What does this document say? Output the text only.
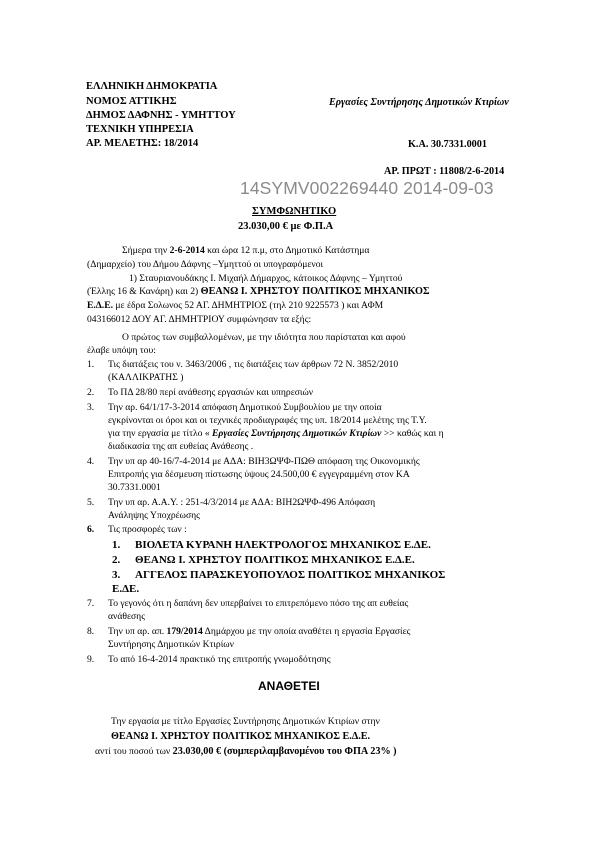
ΕΛΛΗΝΙΚΗ ΔΗΜΟΚΡΑΤΙΑ
ΝΟΜΟΣ ΑΤΤΙΚΗΣ
ΔΗΜΟΣ ΔΑΦΝΗΣ - ΥΜΗΤΤΟΥ
ΤΕΧΝΙΚΗ ΥΠΗΡΕΣΙΑ
ΑΡ. ΜΕΛΕΤΗΣ: 18/2014
Εργασίες Συντήρησης Δημοτικών Κτιρίων
Κ.Α. 30.7331.0001
ΑΡ. ΠΡΩΤ : 11808/2-6-2014
14SYMV002269440 2014-09-03
ΣΥΜΦΩΝΗΤΙΚΟ
23.030,00 € με Φ.Π.Α
Σήμερα την 2-6-2014 και ώρα 12 π.μ, στο Δημοτικό Κατάστημα
(Δημαρχείο) του Δήμου Δάφνης –Υμηττού οι υπογραφόμενοι
1) Σταυριανουδάκης Ι. Μιχαήλ Δήμαρχος, κάτοικος Δάφνης – Υμηττού
(Έλλης 16 & Κανάρη) και 2) ΘΕΑΝΩ Ι. ΧΡΗΣΤΟΥ ΠΟΛΙΤΙΚΟΣ ΜΗΧΑΝΙΚΟΣ
Ε.Δ.Ε. με έδρα Σολωνος 52 ΑΓ. ΔΗΜΗΤΡΙΟΣ (τηλ 210 9225573 ) και ΑΦΜ
043166012 ΔΟΥ ΑΓ. ΔΗΜΗΤΡΙΟΥ συμφώνησαν τα εξής:
Ο πρώτος των συμβαλλομένων, με την ιδιότητα που παρίσταται και αφού
έλαβε υπόψη του:
1. Τις διατάξεις του ν. 3463/2006 , τις διατάξεις των άρθρων 72 Ν. 3852/2010
(ΚΑΛΛΙΚΡΑΤΗΣ )
2. Το ΠΔ 28/80 περί ανάθεσης εργασιών και υπηρεσιών
3. Την αρ. 64/1/17-3-2014 απόφαση Δημοτικού Συμβουλίου με την οποία
εγκρίνονται οι όροι και οι τεχνικές προδιαγραφές της υπ. 18/2014 μελέτης της Τ.Υ.
για την εργασία με τίτλο « Εργασίες Συντήρησης Δημοτικών Κτιρίων >> καθώς και η
διαδικασία της απ ευθείας Ανάθεσης .
4. Την υπ αρ 40-16/7-4-2014 με ΑΔΑ: ΒΙΗ3ΩΨΦ-ΠΩΘ απόφαση της Οικονομικής
Επιτροπής για δέσμευση πίστωσης ύψους 24.500,00 € εγγεγραμμένη στον ΚΑ
30.7331.0001
5. Την υπ αρ. Α.Α.Υ. : 251-4/3/2014 με ΑΔΑ: ΒΙΗ2ΩΨΦ-496 Απόφαση
Ανάληψης Υποχρέωσης
6. Τις προσφορές των :
1. ΒΙΟΛΕΤΑ ΚΥΡΑΝΗ ΗΛΕΚΤΡΟΛΟΓΟΣ ΜΗΧΑΝΙΚΟΣ Ε.ΔΕ.
2. ΘΕΑΝΩ Ι. ΧΡΗΣΤΟΥ ΠΟΛΙΤΙΚΟΣ ΜΗΧΑΝΙΚΟΣ Ε.Δ.Ε.
3. ΑΓΓΕΛΟΣ ΠΑΡΑΣΚΕΥΟΠΟΥΛΟΣ ΠΟΛΙΤΙΚΟΣ ΜΗΧΑΝΙΚΟΣ
Ε.ΔΕ.
7. Το γεγονός ότι η δαπάνη δεν υπερβαίνει το επιτρεπόμενο πόσο της απ ευθείας
ανάθεσης
8. Την υπ αρ. απ. 179/2014 Δημάρχου με την οποία αναθέτει η εργασία Εργασίες
Συντήρησης Δημοτικών Κτιρίων
9. Το από 16-4-2014 πρακτικό της επιτροπής γνωμοδότησης
ΑΝΑΘΕΤΕΙ
Την εργασία με τίτλο Εργασίες Συντήρησης Δημοτικών Κτιρίων στην
ΘΕΑΝΩ Ι. ΧΡΗΣΤΟΥ ΠΟΛΙΤΙΚΟΣ ΜΗΧΑΝΙΚΟΣ Ε.Δ.Ε.
αντί του ποσού των 23.030,00 € (συμπεριλαμβανομένου του ΦΠΑ 23% )
